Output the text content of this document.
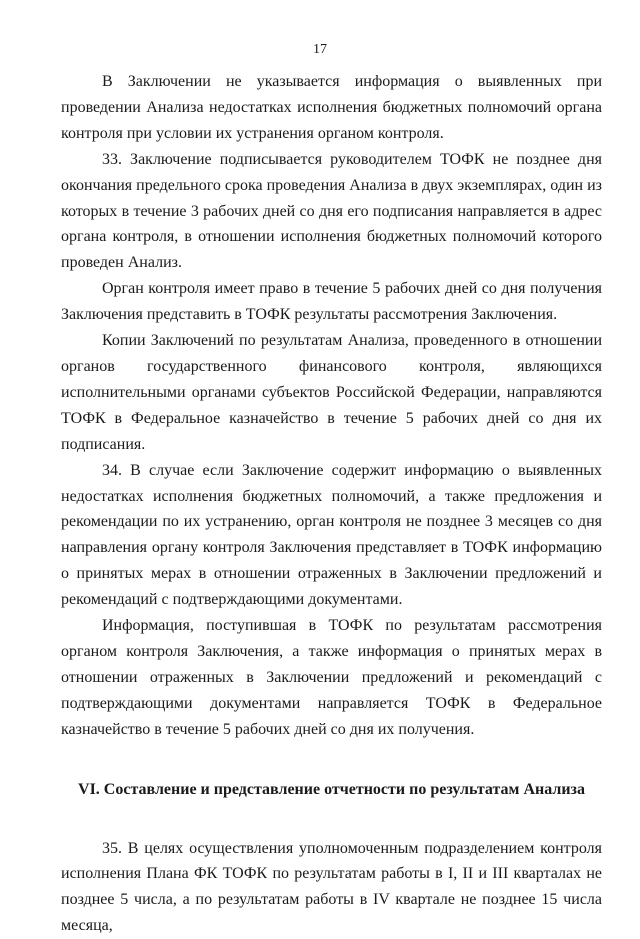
17

В Заключении не указывается информация о выявленных при проведении Анализа недостатках исполнения бюджетных полномочий органа контроля при условии их устранения органом контроля.

33. Заключение подписывается руководителем ТОФК не позднее дня окончания предельного срока проведения Анализа в двух экземплярах, один из которых в течение 3 рабочих дней со дня его подписания направляется в адрес органа контроля, в отношении исполнения бюджетных полномочий которого проведен Анализ.

Орган контроля имеет право в течение 5 рабочих дней со дня получения Заключения представить в ТОФК результаты рассмотрения Заключения.

Копии Заключений по результатам Анализа, проведенного в отношении органов государственного финансового контроля, являющихся исполнительными органами субъектов Российской Федерации, направляются ТОФК в Федеральное казначейство в течение 5 рабочих дней со дня их подписания.

34. В случае если Заключение содержит информацию о выявленных недостатках исполнения бюджетных полномочий, а также предложения и рекомендации по их устранению, орган контроля не позднее 3 месяцев со дня направления органу контроля Заключения представляет в ТОФК информацию о принятых мерах в отношении отраженных в Заключении предложений и рекомендаций с подтверждающими документами.

Информация, поступившая в ТОФК по результатам рассмотрения органом контроля Заключения, а также информация о принятых мерах в отношении отраженных в Заключении предложений и рекомендаций с подтверждающими документами направляется ТОФК в Федеральное казначейство в течение 5 рабочих дней со дня их получения.

VI. Составление и представление отчетности по результатам Анализа

35. В целях осуществления уполномоченным подразделением контроля исполнения Плана ФК ТОФК по результатам работы в I, II и III кварталах не позднее 5 числа, а по результатам работы в IV квартале не позднее 15 числа месяца,
